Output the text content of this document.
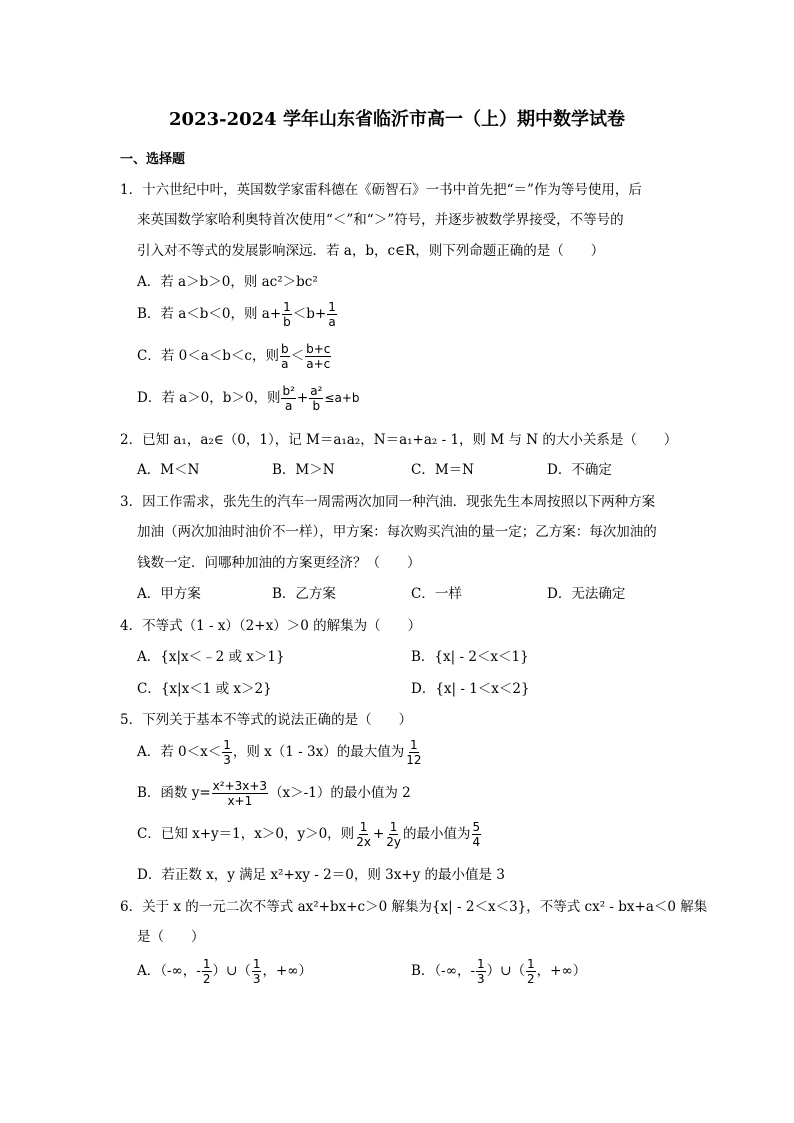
2023-2024 学年山东省临沂市高一（上）期中数学试卷
一、选择题
1．十六世纪中叶，英国数学家雷科德在《砺智石》一书中首先把“＝”作为等号使用，后
来英国数学家哈利奥特首次使用“＜”和“＞”符号，并逐步被数学界接受，不等号的
引入对不等式的发展影响深远．若 a，b，c∈R，则下列命题正确的是（　　）
A．若 a＞b＞0，则 ac²＞bc²
B．若 a＜b＜0，则 $a+ \frac{1}{b} <b+ \frac{1}{a}$
C．若 0＜a＜b＜c，则 $\frac{b}{a} < \frac{b+c}{a+c}$
D．若 a＞0，b＞0，则 $\frac{\text{b²}}{a} + \frac{\text{a²}}{b} \le a+b$
2．已知 a₁，a₂∈（0，1），记 M＝a₁a₂，N＝a₁+a₂ - 1，则 M 与 N 的大小关系是（　　）
A．M＜N	B．M＞N	C．M＝N	D．不确定
3．因工作需求，张先生的汽车一周需两次加同一种汽油．现张先生本周按照以下两种方案
加油（两次加油时油价不一样），甲方案：每次购买汽油的量一定；乙方案：每次加油的
钱数一定．问哪种加油的方案更经济？（　　）
A．甲方案	B．乙方案	C．一样	D．无法确定
4．不等式（1 - x）（2+x）＞0 的解集为（　　）
A．{x|x＜﹣2 或 x＞1}	B．{x| - 2＜x＜1}
C．{x|x＜1 或 x＞2}	D．{x| - 1＜x＜2}
5．下列关于基本不等式的说法正确的是（　　）
A．若 $0<x< \frac{1}{3}$ ，则 x（1 - 3x）的最大值为 $\frac{1}{12}$
B．函数 $y= \frac{\text{x²+3x+3}}{x+1} (x>-1)$的最小值为 2
C．已知 x+y＝1，x＞0，y＞0，则 $\frac{1}{2x} + \frac{1}{2y}$ 的最小值为 $\frac{5}{4}$
D．若正数 x，y 满足 x²+xy - 2＝0，则 3x+y 的最小值是 3
6．关于 x 的一元二次不等式 ax²+bx+c＞0 解集为{x| - 2＜x＜3}，不等式 cx² - bx+a＜0 解集
是（　　）
A．（-∞，- $\frac{1}{2}$ ）∪（ $\frac{1}{3}$ ，+∞）	B．（-∞，- $\frac{1}{3}$ ）∪（ $\frac{1}{2}$ ，+∞）
